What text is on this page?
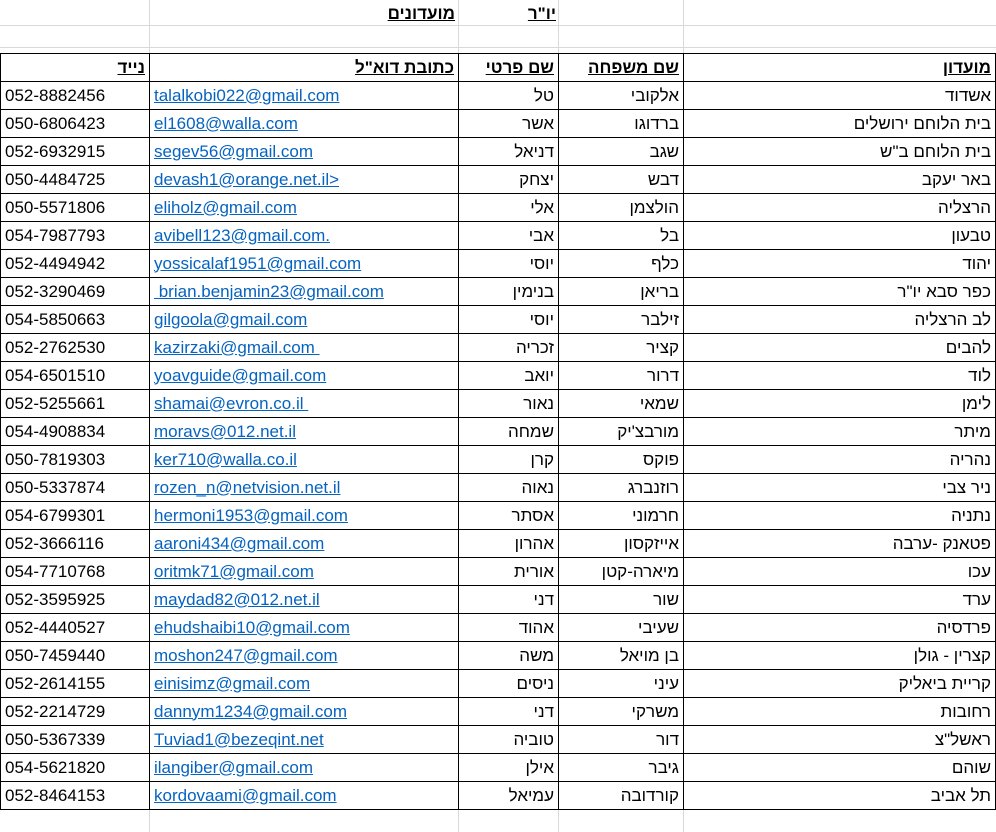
מועדונים	יו"ר
נייד	כתובת דוא"ל	שם פרטי	שם משפחה	מועדון
052-8882456	talalkobi022@gmail.com	טל	אלקובי	אשדוד
050-6806423	el1608@walla.com	אשר	ברדוגו	בית הלוחם ירושלים
052-6932915	segev56@gmail.com	דניאל	שגב	בית הלוחם ב"ש
050-4484725	devash1@orange.net.il>	יצחק	דבש	באר יעקב
050-5571806	eliholz@gmail.com	אלי	הולצמן	הרצליה
054-7987793	avibell123@gmail.com.	אבי	בל	טבעון
052-4494942	yossicalaf1951@gmail.com	יוסי	כלף	יהוד
052-3290469	brian.benjamin23@gmail.com	בנימין	בריאן	כפר סבא יו"ר
054-5850663	gilgoola@gmail.com	יוסי	זילבר	לב הרצליה
052-2762530	kazirzaki@gmail.com	זכריה	קציר	להבים
054-6501510	yoavguide@gmail.com	יואב	דרור	לוד
052-5255661	shamai@evron.co.il	נאור	שמאי	לימן
054-4908834	moravs@012.net.il	שמחה	מורבצ'יק	מיתר
050-7819303	ker710@walla.co.il	קרן	פוקס	נהריה
050-5337874	rozen_n@netvision.net.il	נאוה	רוזנברג	ניר צבי
054-6799301	hermoni1953@gmail.com	אסתר	חרמוני	נתניה
052-3666116	aaroni434@gmail.com	אהרון	אייזקסון	פטאנק -ערבה
054-7710768	oritmk71@gmail.com	אורית	מיארה-קטן	עכו
052-3595925	maydad82@012.net.il	דני	שור	ערד
052-4440527	ehudshaibi10@gmail.com	אהוד	שעיבי	פרדסיה
050-7459440	moshon247@gmail.com	משה	בן מויאל	קצרין - גולן
052-2614155	einisimz@gmail.com	ניסים	עיני	קריית ביאליק
052-2214729	dannym1234@gmail.com	דני	משרקי	רחובות
050-5367339	Tuviad1@bezeqint.net	טוביה	דור	ראשל"צ
054-5621820	ilangiber@gmail.com	אילן	גיבר	שוהם
052-8464153	kordovaami@gmail.com	עמיאל	קורדובה	תל אביב
